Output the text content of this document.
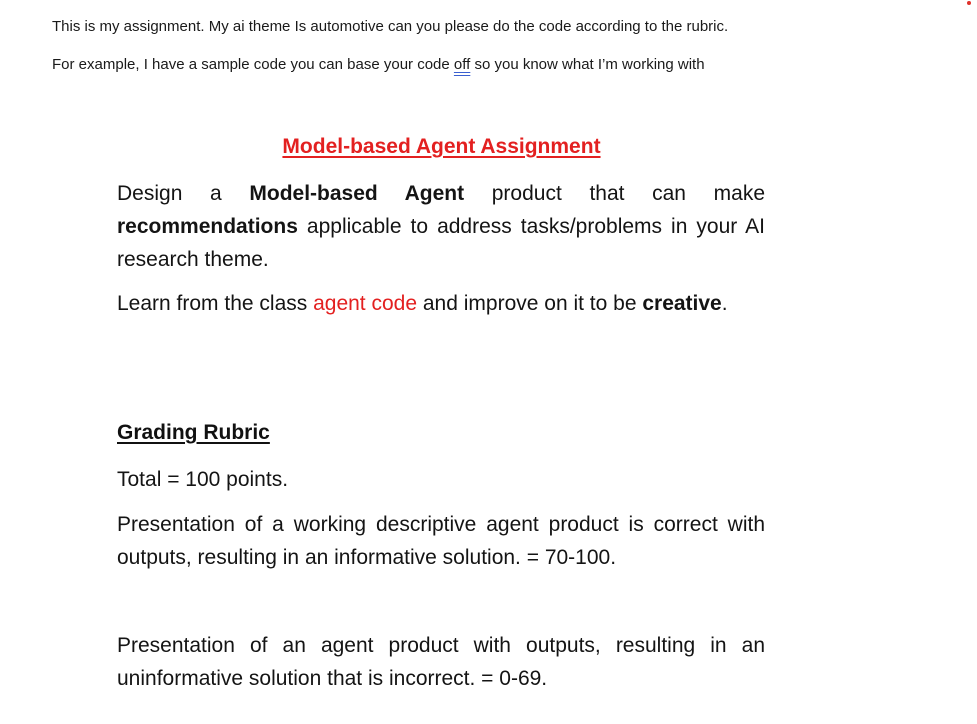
This is my assignment. My ai theme Is automotive can you please do the code according to the rubric.
For example, I have a sample code you can base your code off so you know what I’m working with
Model-based Agent Assignment
Design a Model-based Agent product that can make recommendations applicable to address tasks/problems in your AI research theme.
Learn from the class agent code and improve on it to be creative.
Grading Rubric
Total = 100 points.
Presentation of a working descriptive agent product is correct with outputs, resulting in an informative solution. = 70-100.
Presentation of an agent product with outputs, resulting in an uninformative solution that is incorrect. = 0-69.
